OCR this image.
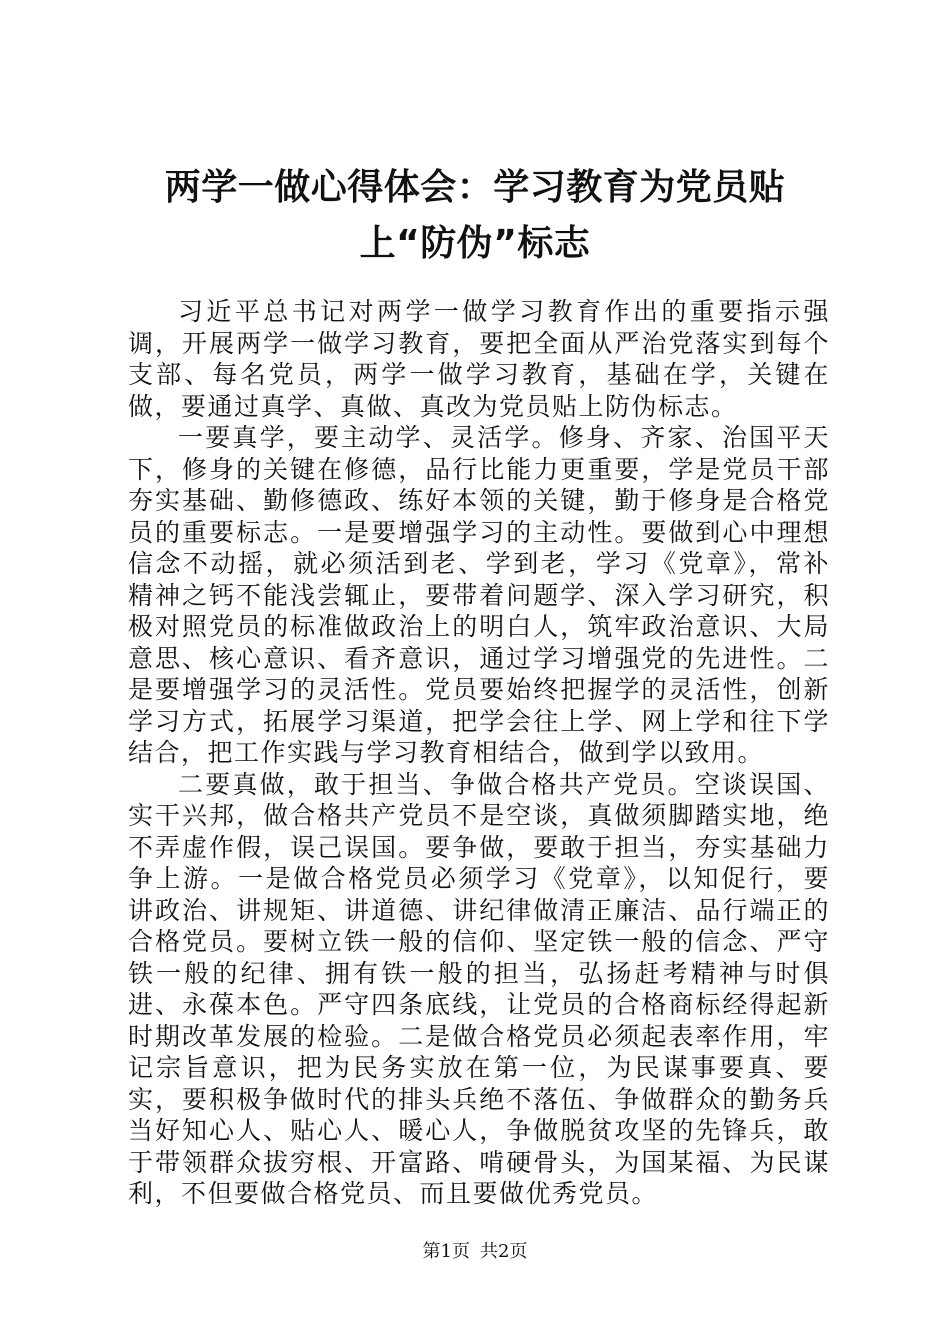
两学一做心得体会：学习教育为党员贴上“防伪”标志

习近平总书记对两学一做学习教育作出的重要指示强调，开展两学一做学习教育，要把全面从严治党落实到每个支部、每名党员，两学一做学习教育，基础在学，关键在做，要通过真学、真做、真改为党员贴上防伪标志。

一要真学，要主动学、灵活学。修身、齐家、治国平天下，修身的关键在修德，品行比能力更重要，学是党员干部夯实基础、勤修德政、练好本领的关键，勤于修身是合格党员的重要标志。一是要增强学习的主动性。要做到心中理想信念不动摇，就必须活到老、学到老，学习《党章》，常补精神之钙不能浅尝辄止，要带着问题学、深入学习研究，积极对照党员的标准做政治上的明白人，筑牢政治意识、大局意思、核心意识、看齐意识，通过学习增强党的先进性。二是要增强学习的灵活性。党员要始终把握学的灵活性，创新学习方式，拓展学习渠道，把学会往上学、网上学和往下学结合，把工作实践与学习教育相结合，做到学以致用。

二要真做，敢于担当、争做合格共产党员。空谈误国、实干兴邦，做合格共产党员不是空谈，真做须脚踏实地，绝不弄虚作假，误己误国。要争做，要敢于担当，夯实基础力争上游。一是做合格党员必须学习《党章》，以知促行，要讲政治、讲规矩、讲道德、讲纪律做清正廉洁、品行端正的合格党员。要树立铁一般的信仰、坚定铁一般的信念、严守铁一般的纪律、拥有铁一般的担当，弘扬赶考精神与时俱进、永葆本色。严守四条底线，让党员的合格商标经得起新时期改革发展的检验。二是做合格党员必须起表率作用，牢记宗旨意识，把为民务实放在第一位，为民谋事要真、要实，要积极争做时代的排头兵绝不落伍、争做群众的勤务兵当好知心人、贴心人、暖心人，争做脱贫攻坚的先锋兵，敢于带领群众拔穷根、开富路、啃硬骨头，为国某福、为民谋利，不但要做合格党员、而且要做优秀党员。

第1页 共2页
